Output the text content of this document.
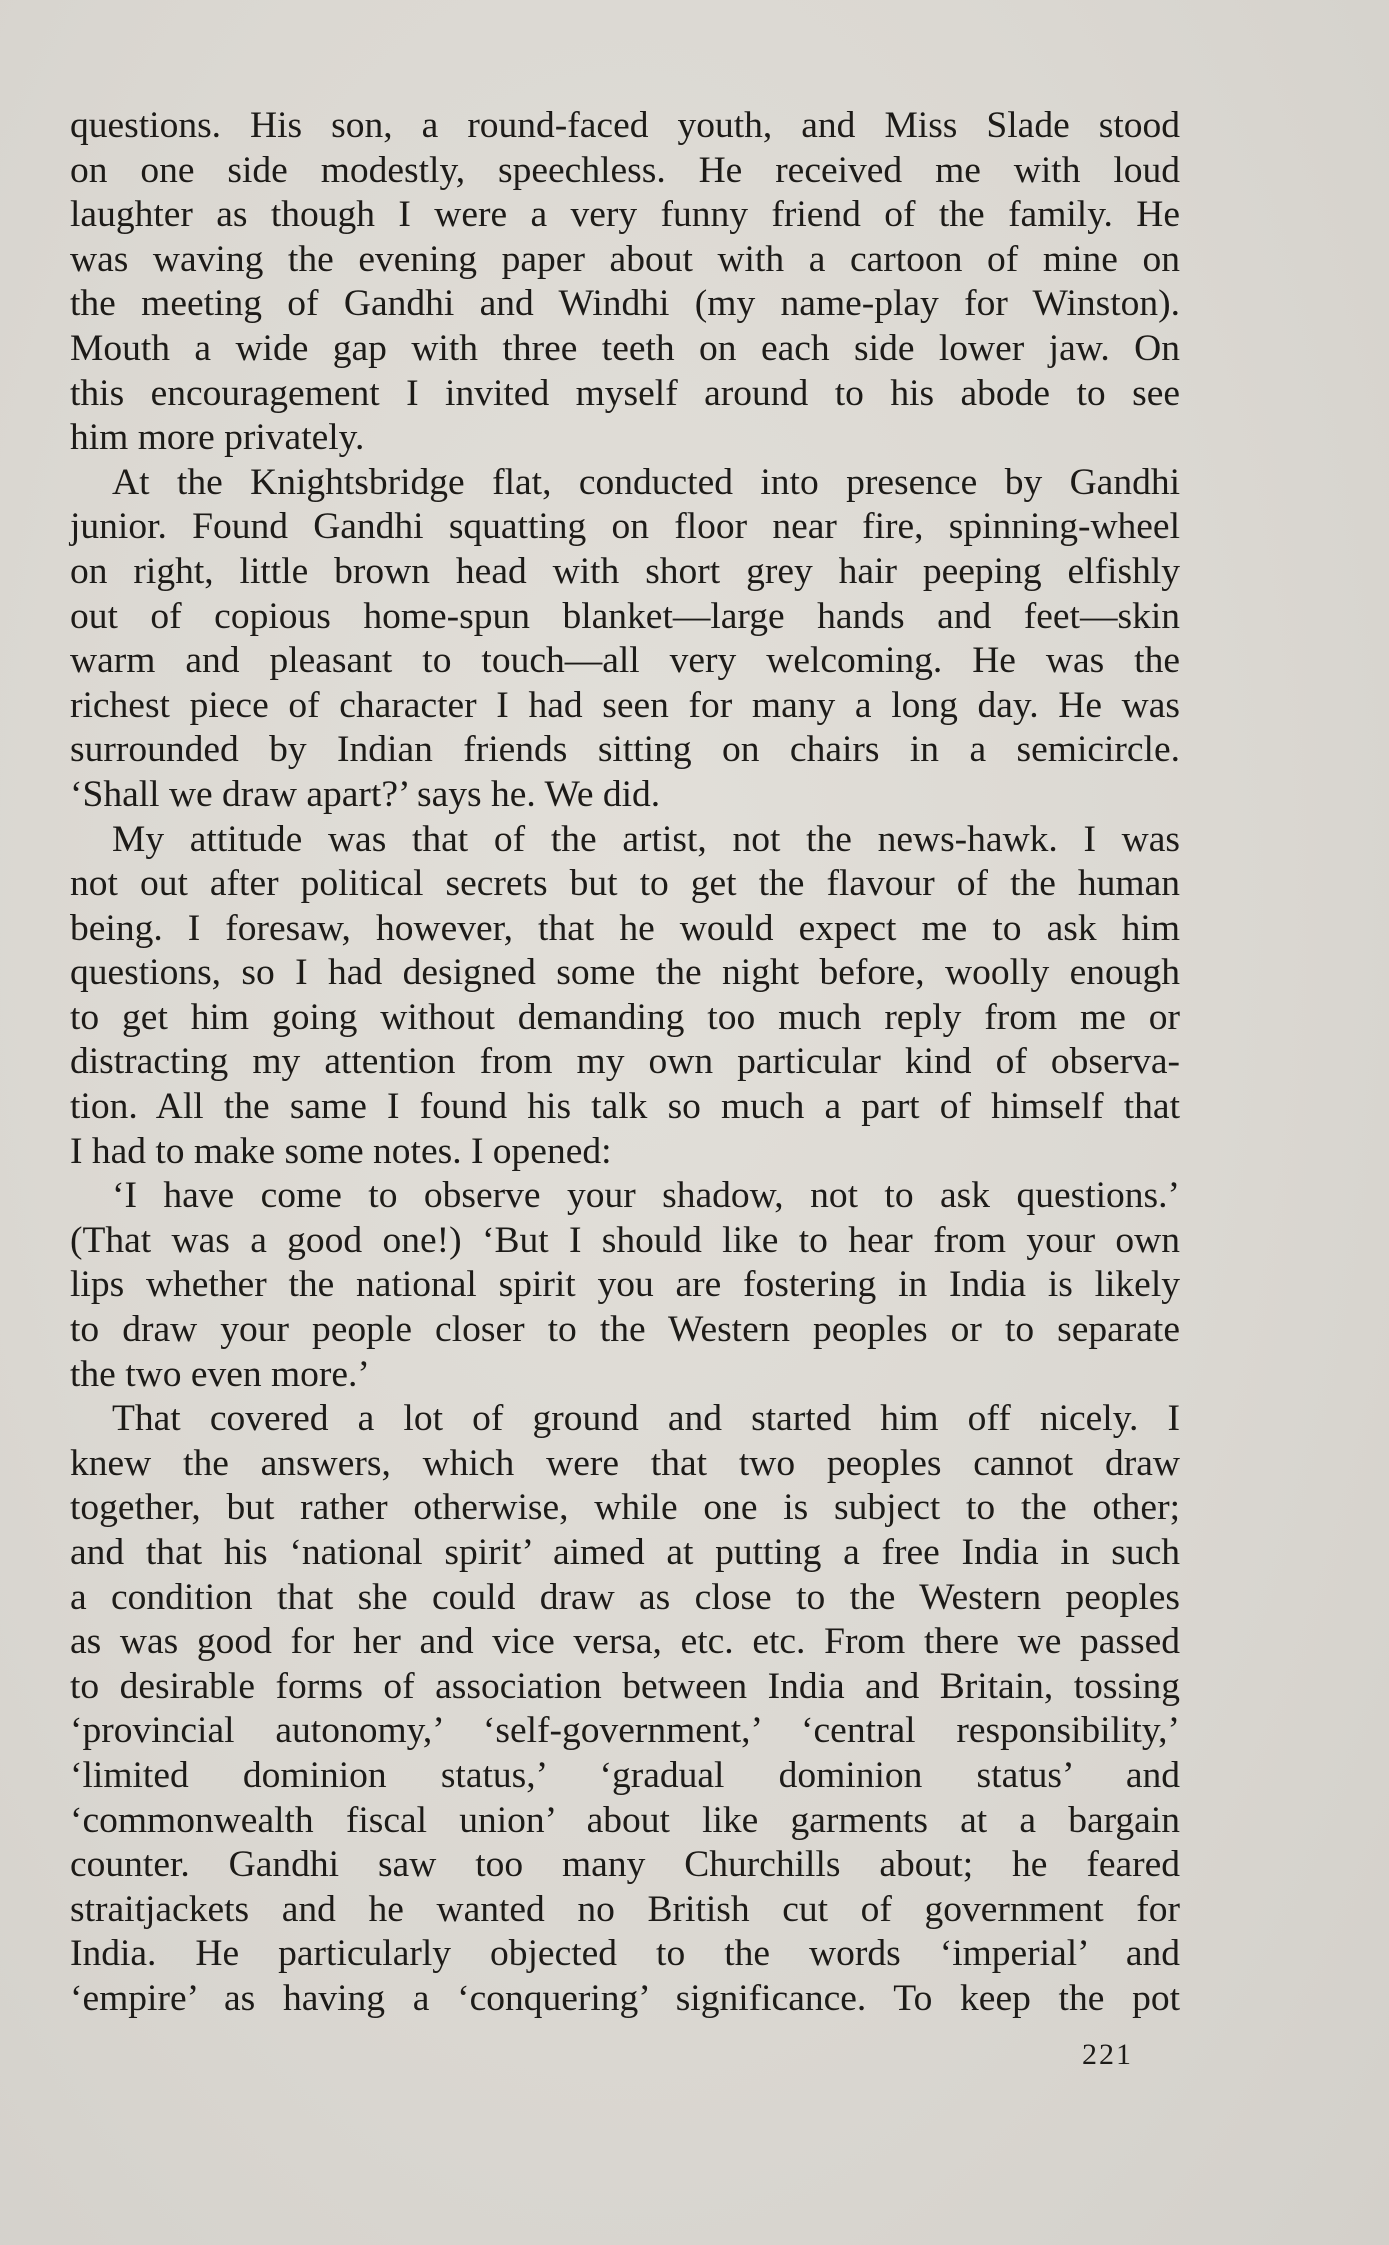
questions. His son, a round-faced youth, and Miss Slade stood
on one side modestly, speechless. He received me with loud
laughter as though I were a very funny friend of the family. He
was waving the evening paper about with a cartoon of mine on
the meeting of Gandhi and Windhi (my name-play for Winston).
Mouth a wide gap with three teeth on each side lower jaw. On
this encouragement I invited myself around to his abode to see
him more privately.
At the Knightsbridge flat, conducted into presence by Gandhi
junior. Found Gandhi squatting on floor near fire, spinning-wheel
on right, little brown head with short grey hair peeping elfishly
out of copious home-spun blanket—large hands and feet—skin
warm and pleasant to touch—all very welcoming. He was the
richest piece of character I had seen for many a long day. He was
surrounded by Indian friends sitting on chairs in a semicircle.
‘Shall we draw apart?’ says he. We did.
My attitude was that of the artist, not the news-hawk. I was
not out after political secrets but to get the flavour of the human
being. I foresaw, however, that he would expect me to ask him
questions, so I had designed some the night before, woolly enough
to get him going without demanding too much reply from me or
distracting my attention from my own particular kind of observa-
tion. All the same I found his talk so much a part of himself that
I had to make some notes. I opened:
‘I have come to observe your shadow, not to ask questions.’
(That was a good one!) ‘But I should like to hear from your own
lips whether the national spirit you are fostering in India is likely
to draw your people closer to the Western peoples or to separate
the two even more.’
That covered a lot of ground and started him off nicely. I
knew the answers, which were that two peoples cannot draw
together, but rather otherwise, while one is subject to the other;
and that his ‘national spirit’ aimed at putting a free India in such
a condition that she could draw as close to the Western peoples
as was good for her and vice versa, etc. etc. From there we passed
to desirable forms of association between India and Britain, tossing
‘provincial autonomy,’ ‘self-government,’ ‘central responsibility,’
‘limited dominion status,’ ‘gradual dominion status’ and
‘commonwealth fiscal union’ about like garments at a bargain
counter. Gandhi saw too many Churchills about; he feared
straitjackets and he wanted no British cut of government for
India. He particularly objected to the words ‘imperial’ and
‘empire’ as having a ‘conquering’ significance. To keep the pot
221
